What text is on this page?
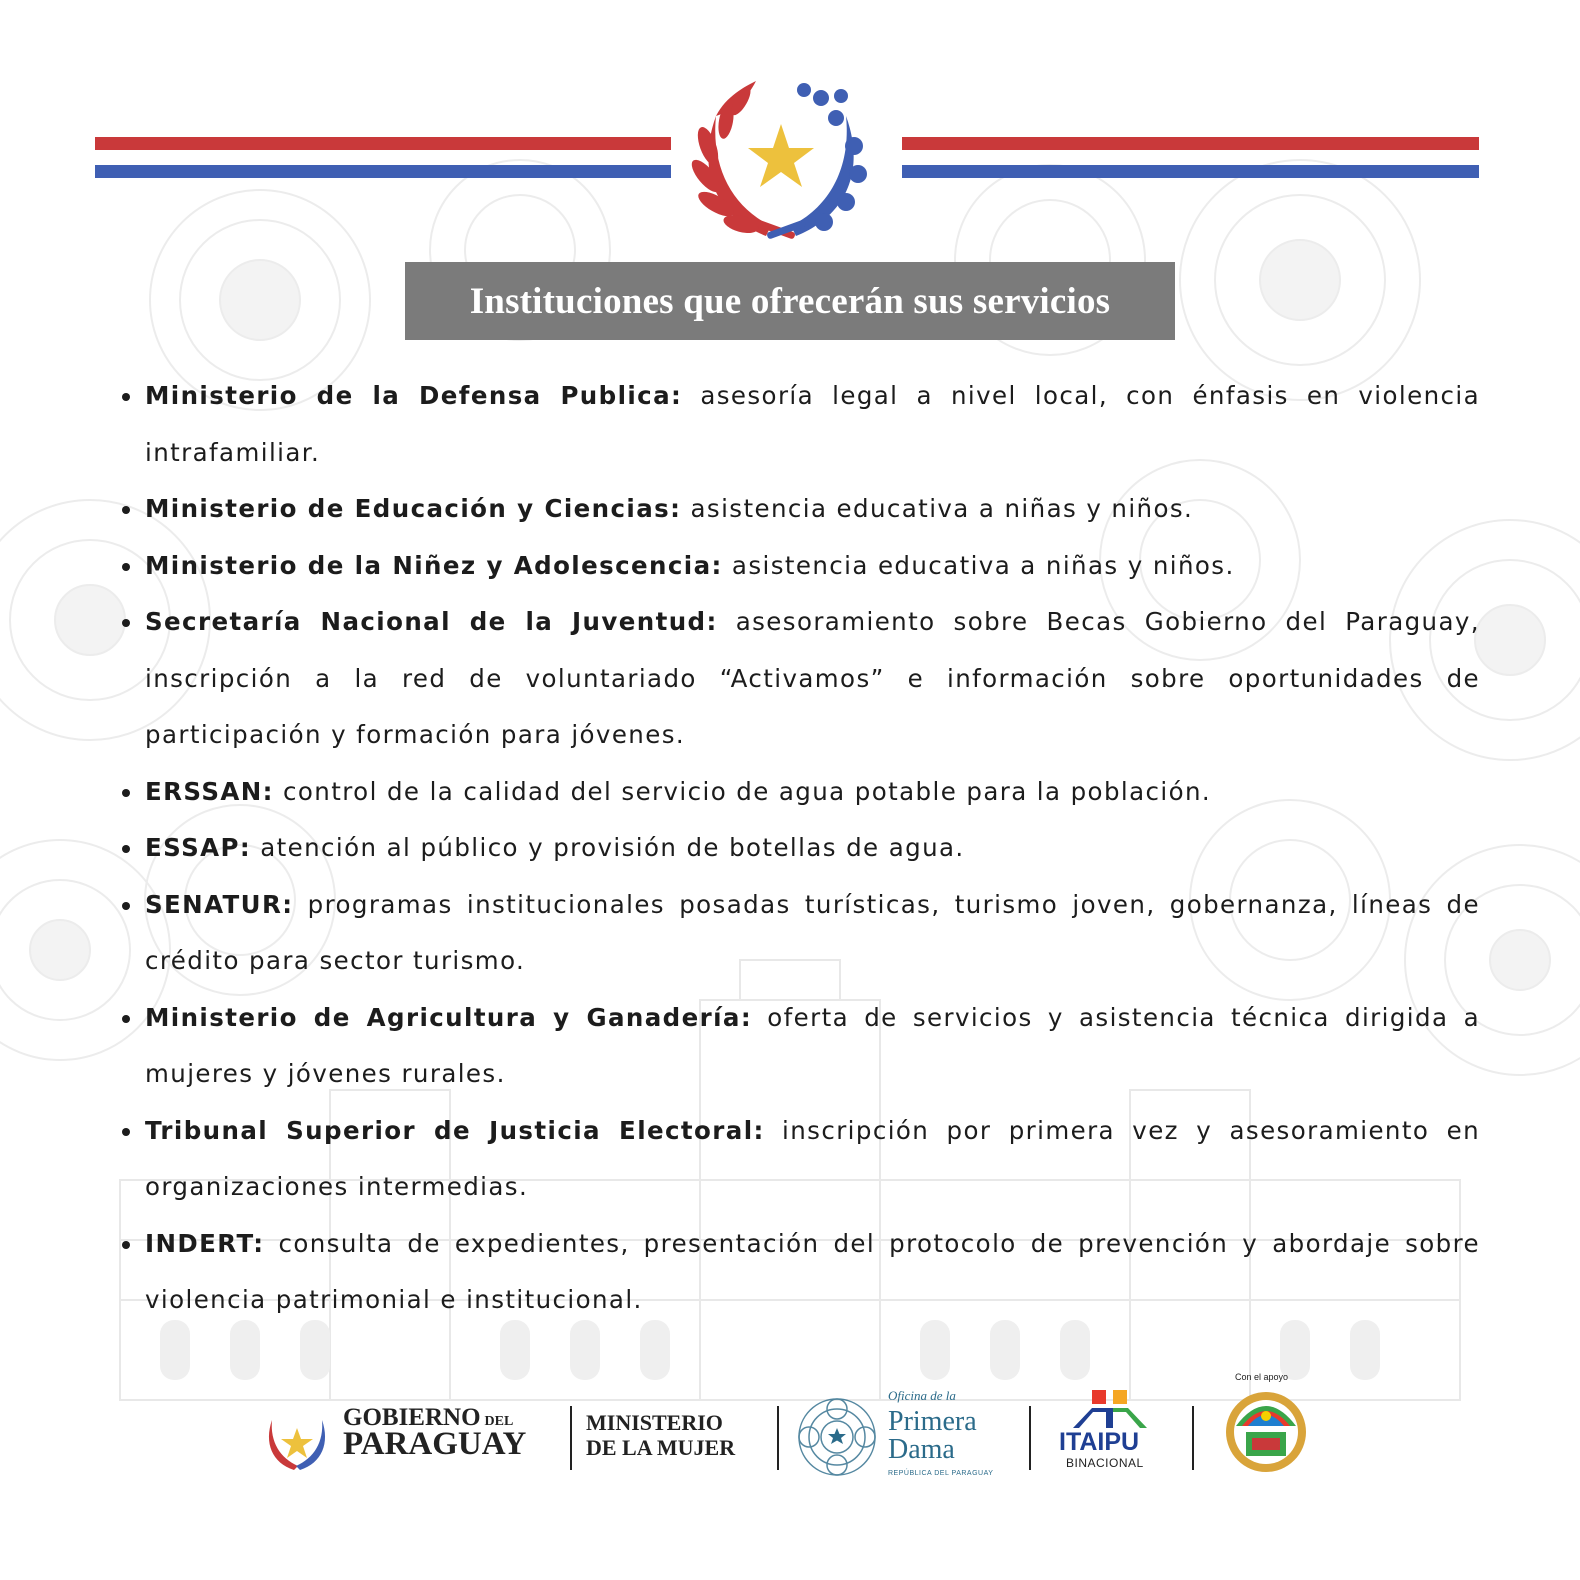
Instituciones que ofrecerán sus servicios
Ministerio de la Defensa Publica: asesoría legal a nivel local, con énfasis en violencia intrafamiliar.
Ministerio de Educación y Ciencias: asistencia educativa a niñas y niños.
Ministerio de la Niñez y Adolescencia: asistencia educativa a niñas y niños.
Secretaría Nacional de la Juventud: asesoramiento sobre Becas Gobierno del Paraguay, inscripción a la red de voluntariado “Activamos” e información sobre oportunidades de participación y formación para jóvenes.
ERSSAN: control de la calidad del servicio de agua potable para la población.
ESSAP: atención al público y provisión de botellas de agua.
SENATUR: programas institucionales posadas turísticas, turismo joven, gobernanza, líneas de crédito para sector turismo.
Ministerio de Agricultura y Ganadería: oferta de servicios y asistencia técnica dirigida a mujeres y jóvenes rurales.
Tribunal Superior de Justicia Electoral: inscripción por primera vez y asesoramiento en organizaciones intermedias.
INDERT: consulta de expedientes, presentación del protocolo de prevención y abordaje sobre violencia patrimonial e institucional.
GOBIERNO DEL
PARAGUAY
MINISTERIO
DE LA MUJER
Oficina de la
Primera
Dama
REPÚBLICA DEL PARAGUAY
ITAIPU
BINACIONAL
Con el apoyo
